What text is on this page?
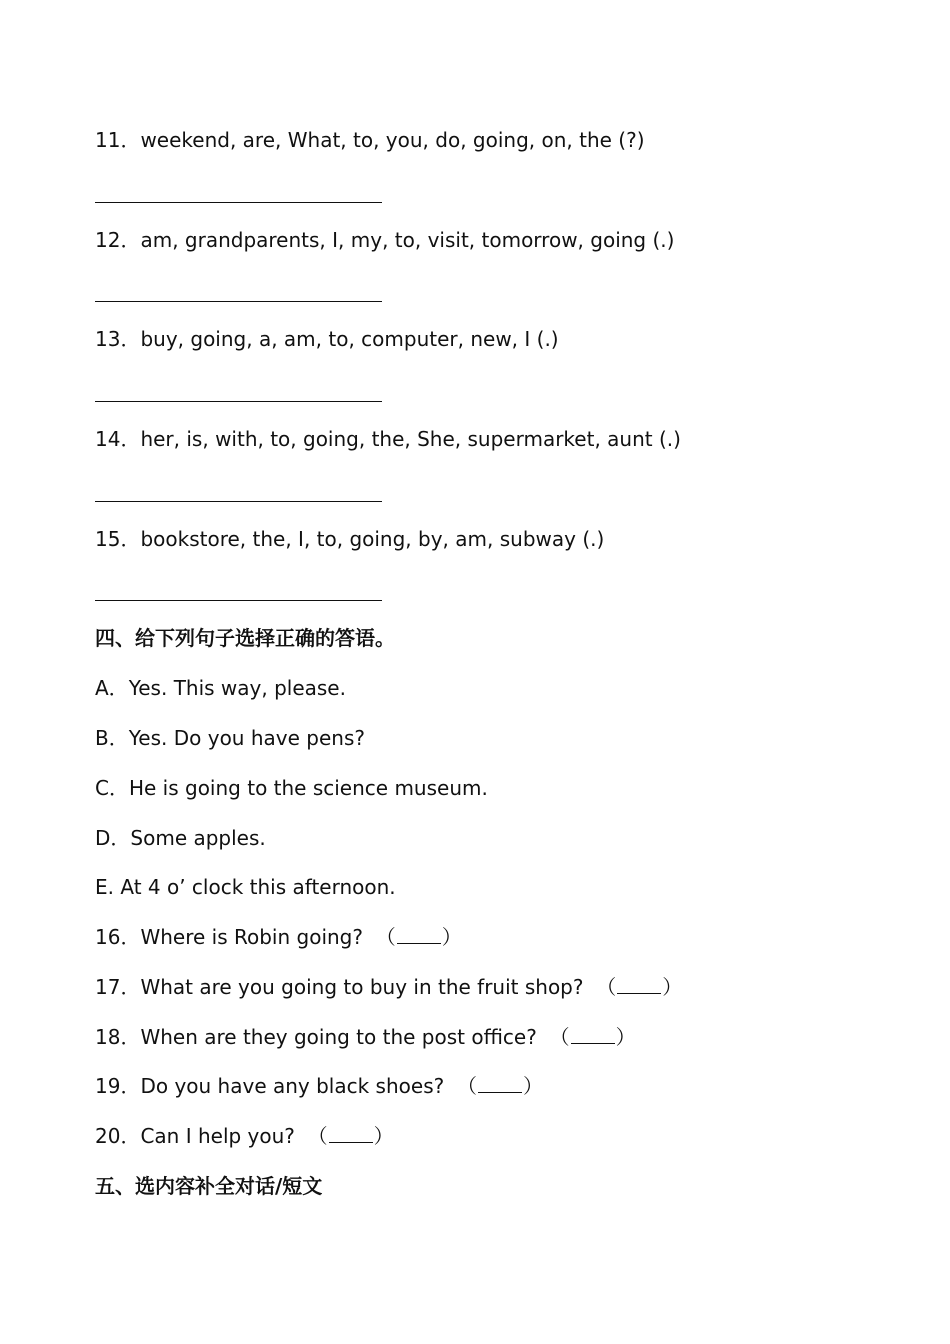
11．weekend, are, What, to, you, do, going, on, the (?)
12．am, grandparents, I, my, to, visit, tomorrow, going (.)
13．buy, going, a, am, to, computer, new, I (.)
14．her, is, with, to, going, the, She, supermarket, aunt (.)
15．bookstore, the, I, to, going, by, am, subway (.)
四、给下列句子选择正确的答语。
A．Yes. This way, please.
B．Yes. Do you have pens?
C．He is going to the science museum.
D．Some apples.
E. At 4 o’ clock this afternoon.
16．Where is Robin going? （ ）
17．What are you going to buy in the fruit shop? （ ）
18．When are they going to the post office? （ ）
19．Do you have any black shoes? （ ）
20．Can I help you? （ ）
五、选内容补全对话/短文
